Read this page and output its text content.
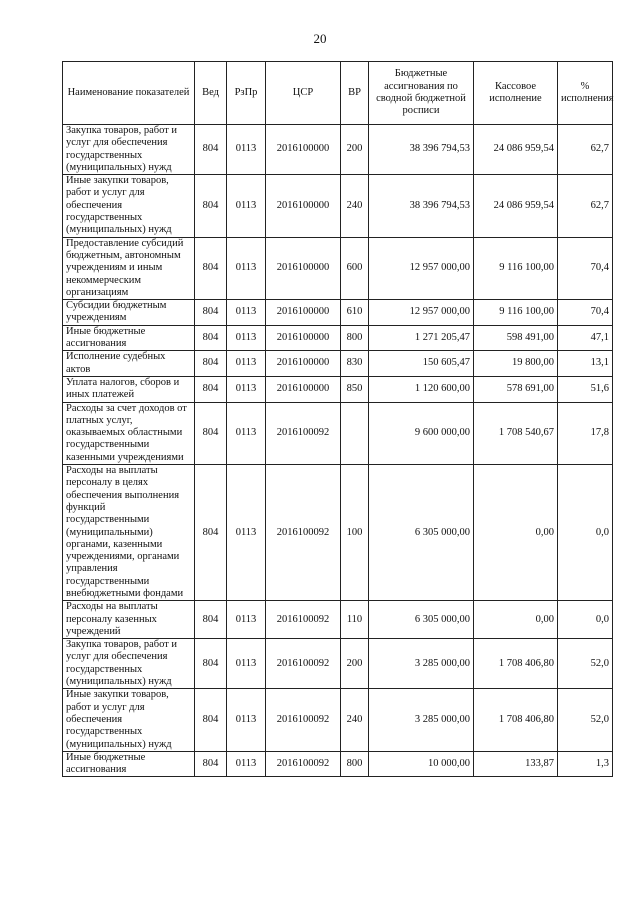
20
Наименование показателей	Вед	РзПр	ЦСР	ВР	Бюджетные ассигнования по сводной бюджетной росписи	Кассовое исполнение	% исполнения
Закупка товаров, работ и услуг для обеспечения государственных (муниципальных) нужд	804	0113	2016100000	200	38 396 794,53	24 086 959,54	62,7
Иные закупки товаров, работ и услуг для обеспечения государственных (муниципальных) нужд	804	0113	2016100000	240	38 396 794,53	24 086 959,54	62,7
Предоставление субсидий бюджетным, автономным учреждениям и иным некоммерческим организациям	804	0113	2016100000	600	12 957 000,00	9 116 100,00	70,4
Субсидии бюджетным учреждениям	804	0113	2016100000	610	12 957 000,00	9 116 100,00	70,4
Иные бюджетные ассигнования	804	0113	2016100000	800	1 271 205,47	598 491,00	47,1
Исполнение судебных актов	804	0113	2016100000	830	150 605,47	19 800,00	13,1
Уплата налогов, сборов и иных платежей	804	0113	2016100000	850	1 120 600,00	578 691,00	51,6
Расходы за счет доходов от платных услуг, оказываемых областными государственными казенными учреждениями	804	0113	2016100092		9 600 000,00	1 708 540,67	17,8
Расходы на выплаты персоналу в целях обеспечения выполнения функций государственными (муниципальными) органами, казенными учреждениями, органами управления государственными внебюджетными фондами	804	0113	2016100092	100	6 305 000,00	0,00	0,0
Расходы на выплаты персоналу казенных учреждений	804	0113	2016100092	110	6 305 000,00	0,00	0,0
Закупка товаров, работ и услуг для обеспечения государственных (муниципальных) нужд	804	0113	2016100092	200	3 285 000,00	1 708 406,80	52,0
Иные закупки товаров, работ и услуг для обеспечения государственных (муниципальных) нужд	804	0113	2016100092	240	3 285 000,00	1 708 406,80	52,0
Иные бюджетные ассигнования	804	0113	2016100092	800	10 000,00	133,87	1,3
